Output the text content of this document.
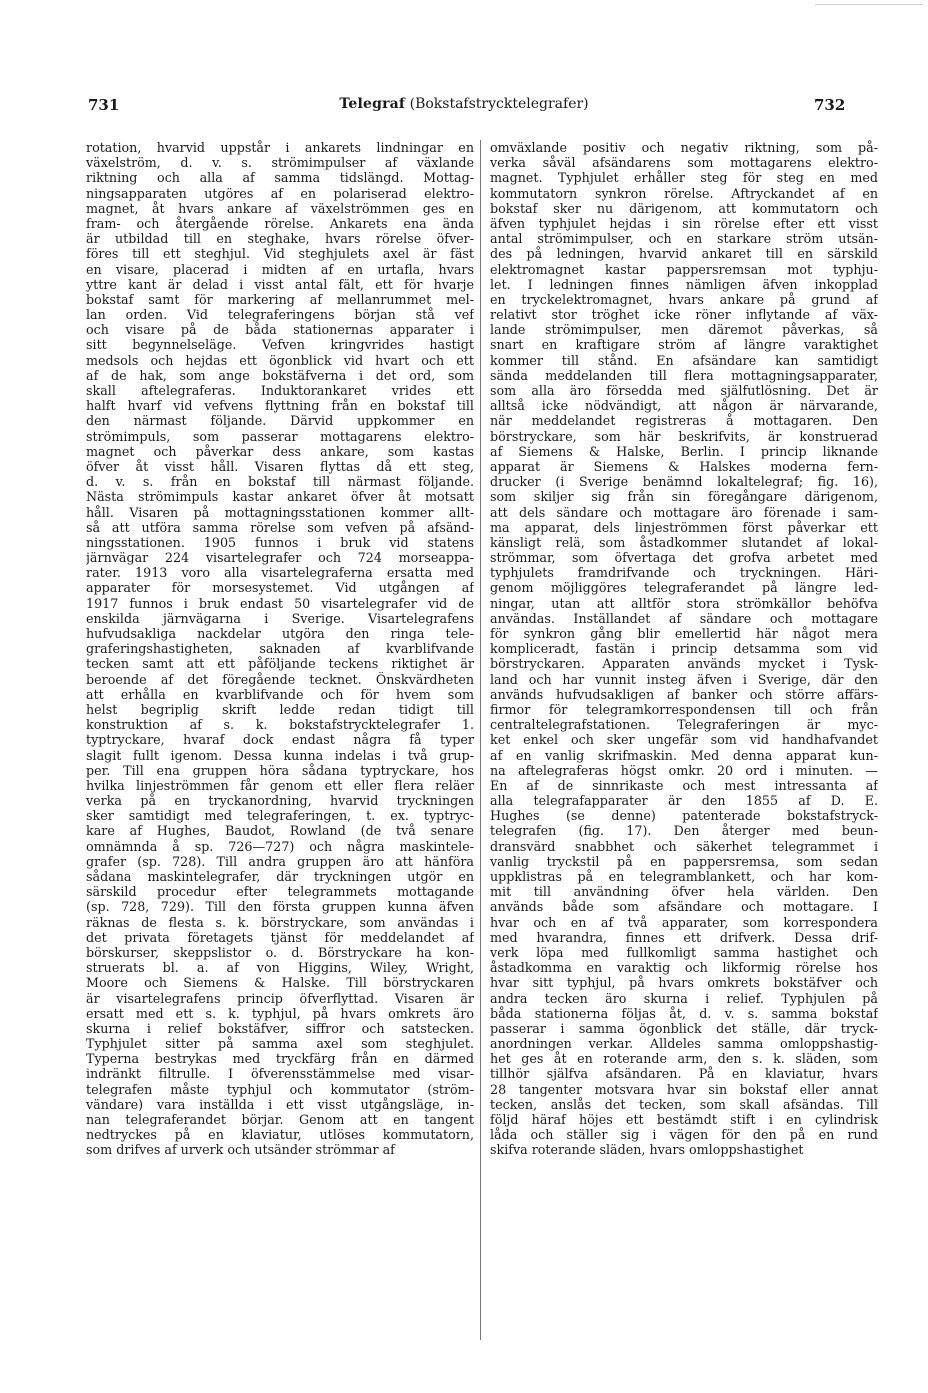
731	Telegraf (Bokstafstrycktelegrafer)	732
rotation, hvarvid uppstår i ankarets lindningar en
växelström, d. v. s. strömimpulser af växlande
riktning och alla af samma tidslängd. Mottag-
ningsapparaten utgöres af en polariserad elektro-
magnet, åt hvars ankare af växelströmmen ges en
fram- och återgående rörelse. Ankarets ena ända
är utbildad till en steghake, hvars rörelse öfver-
föres till ett steghjul. Vid steghjulets axel är fäst
en visare, placerad i midten af en urtafla, hvars
yttre kant är delad i visst antal fält, ett för hvarje
bokstaf samt för markering af mellanrummet mel-
lan orden. Vid telegraferingens början stå vef
och visare på de båda stationernas apparater i
sitt begynnelseläge. Vefven kringvrides hastigt
medsols och hejdas ett ögonblick vid hvart och ett
af de hak, som ange bokstäfverna i det ord, som
skall aftelegraferas. Induktorankaret vrides ett
halft hvarf vid vefvens flyttning från en bokstaf till
den närmast följande. Därvid uppkommer en
strömimpuls, som passerar mottagarens elektro-
magnet och påverkar dess ankare, som kastas
öfver åt visst håll. Visaren flyttas då ett steg,
d. v. s. från en bokstaf till närmast följande.
Nästa strömimpuls kastar ankaret öfver åt motsatt
håll. Visaren på mottagningsstationen kommer allt-
så att utföra samma rörelse som vefven på afsänd-
ningsstationen. 1905 funnos i bruk vid statens
järnvägar 224 visartelegrafer och 724 morseappa-
rater. 1913 voro alla visartelegraferna ersatta med
apparater för morsesystemet. Vid utgången af
1917 funnos i bruk endast 50 visartelegrafer vid de
enskilda järnvägarna i Sverige. Visartelegrafens
hufvudsakliga nackdelar utgöra den ringa tele-
graferingshastigheten, saknaden af kvarblifvande
tecken samt att ett påföljande teckens riktighet är
beroende af det föregående tecknet. Önskvärdheten
att erhålla en kvarblifvande och för hvem som
helst begriplig skrift ledde redan tidigt till
konstruktion af s. k. bokstafstrycktelegrafer 1.
typtryckare, hvaraf dock endast några få typer
slagit fullt igenom. Dessa kunna indelas i två grup-
per. Till ena gruppen höra sådana typtryckare, hos
hvilka linjeströmmen får genom ett eller flera reläer
verka på en tryckanordning, hvarvid tryckningen
sker samtidigt med telegraferingen, t. ex. typtryc-
kare af Hughes, Baudot, Rowland (de två senare
omnämnda å sp. 726—727) och några maskintele-
grafer (sp. 728). Till andra gruppen äro att hänföra
sådana maskintelegrafer, där tryckningen utgör en
särskild procedur efter telegrammets mottagande
(sp. 728, 729). Till den första gruppen kunna äfven
räknas de flesta s. k. börstryckare, som användas i
det privata företagets tjänst för meddelandet af
börskurser, skeppslistor o. d. Börstryckare ha kon-
struerats bl. a. af von Higgins, Wiley, Wright,
Moore och Siemens & Halske. Till börstryckaren
är visartelegrafens princip öfverflyttad. Visaren är
ersatt med ett s. k. typhjul, på hvars omkrets äro
skurna i relief bokstäfver, siffror och satstecken.
Typhjulet sitter på samma axel som steghjulet.
Typerna bestrykas med tryckfärg från en därmed
indränkt filtrulle. I öfverensstämmelse med visar-
telegrafen måste typhjul och kommutator (ström-
vändare) vara inställda i ett visst utgångsläge, in-
nan telegraferandet börjar. Genom att en tangent
nedtryckes på en klaviatur, utlöses kommutatorn,
som drifves af urverk och utsänder strömmar af
omväxlande positiv och negativ riktning, som på-
verka såväl afsändarens som mottagarens elektro-
magnet. Typhjulet erhåller steg för steg en med
kommutatorn synkron rörelse. Aftryckandet af en
bokstaf sker nu därigenom, att kommutatorn och
äfven typhjulet hejdas i sin rörelse efter ett visst
antal strömimpulser, och en starkare ström utsän-
des på ledningen, hvarvid ankaret till en särskild
elektromagnet kastar pappersremsan mot typhju-
let. I ledningen finnes nämligen äfven inkopplad
en tryckelektromagnet, hvars ankare på grund af
relativt stor tröghet icke röner inflytande af väx-
lande strömimpulser, men däremot påverkas, så
snart en kraftigare ström af längre varaktighet
kommer till stånd. En afsändare kan samtidigt
sända meddelanden till flera mottagningsapparater,
som alla äro försedda med själfutlösning. Det är
alltså icke nödvändigt, att någon är närvarande,
när meddelandet registreras å mottagaren. Den
börstryckare, som här beskrifvits, är konstruerad
af Siemens & Halske, Berlin. I princip liknande
apparat är Siemens & Halskes moderna fern-
drucker (i Sverige benämnd lokaltelegraf; fig. 16),
som skiljer sig från sin föregångare därigenom,
att dels sändare och mottagare äro förenade i sam-
ma apparat, dels linjeströmmen först påverkar ett
känsligt relä, som åstadkommer slutandet af lokal-
strömmar, som öfvertaga det grofva arbetet med
typhjulets framdrifvande och tryckningen. Häri-
genom möjliggöres telegraferandet på längre led-
ningar, utan att alltför stora strömkällor behöfva
användas. Inställandet af sändare och mottagare
för synkron gång blir emellertid här något mera
kompliceradt, fastän i princip detsamma som vid
börstryckaren. Apparaten används mycket i Tysk-
land och har vunnit insteg äfven i Sverige, där den
används hufvudsakligen af banker och större affärs-
firmor för telegramkorrespondensen till och från
centraltelegrafstationen. Telegraferingen är myc-
ket enkel och sker ungefär som vid handhafvandet
af en vanlig skrifmaskin. Med denna apparat kun-
na aftelegraferas högst omkr. 20 ord i minuten. —
En af de sinnrikaste och mest intressanta af
alla telegrafapparater är den 1855 af D. E.
Hughes (se denne) patenterade bokstafstryck-
telegrafen (fig. 17). Den återger med beun-
dransvärd snabbhet och säkerhet telegrammet i
vanlig tryckstil på en pappersremsa, som sedan
uppklistras på en telegramblankett, och har kom-
mit till användning öfver hela världen. Den
används både som afsändare och mottagare. I
hvar och en af två apparater, som korrespondera
med hvarandra, finnes ett drifverk. Dessa drif-
verk löpa med fullkomligt samma hastighet och
åstadkomma en varaktig och likformig rörelse hos
hvar sitt typhjul, på hvars omkrets bokstäfver och
andra tecken äro skurna i relief. Typhjulen på
båda stationerna följas åt, d. v. s. samma bokstaf
passerar i samma ögonblick det ställe, där tryck-
anordningen verkar. Alldeles samma omloppshastig-
het ges åt en roterande arm, den s. k. släden, som
tillhör själfva afsändaren. På en klaviatur, hvars
28 tangenter motsvara hvar sin bokstaf eller annat
tecken, anslås det tecken, som skall afsändas. Till
följd häraf höjes ett bestämdt stift i en cylindrisk
låda och ställer sig i vägen för den på en rund
skifva roterande släden, hvars omloppshastighet
